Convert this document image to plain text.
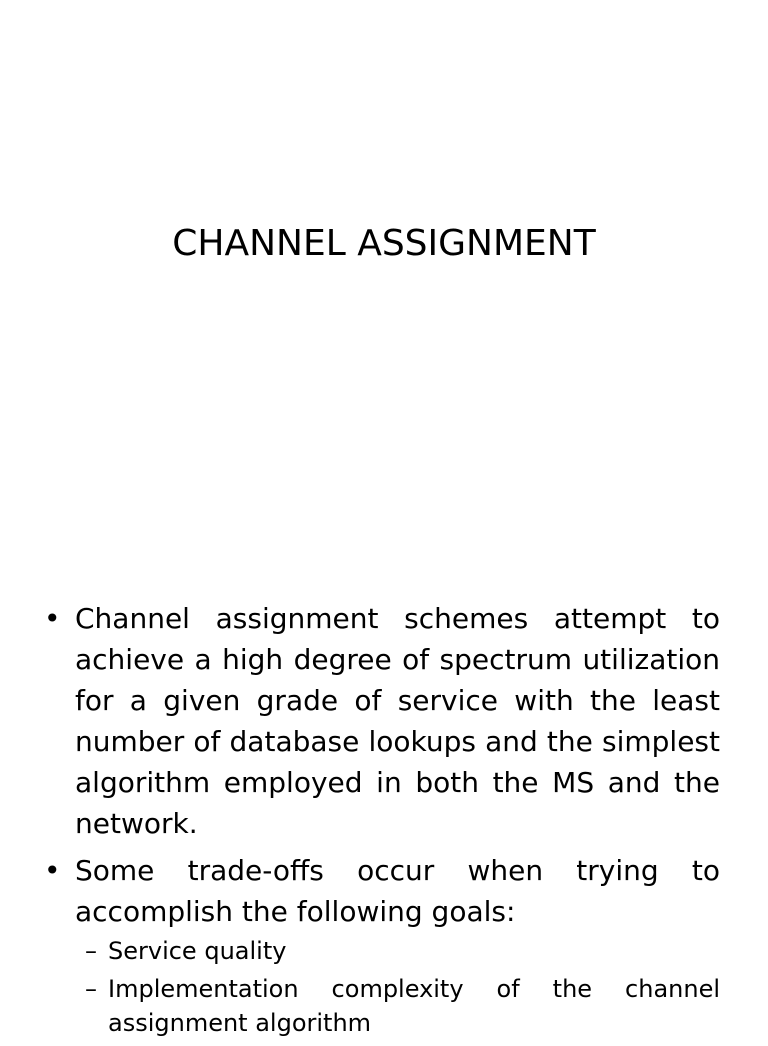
CHANNEL ASSIGNMENT
• Channel assignment schemes attempt to achieve a high degree of spectrum utilization for a given grade of service with the least number of database lookups and the simplest algorithm employed in both the MS and the network.
• Some trade-offs occur when trying to accomplish the following goals:
– Service quality
– Implementation complexity of the channel assignment algorithm
